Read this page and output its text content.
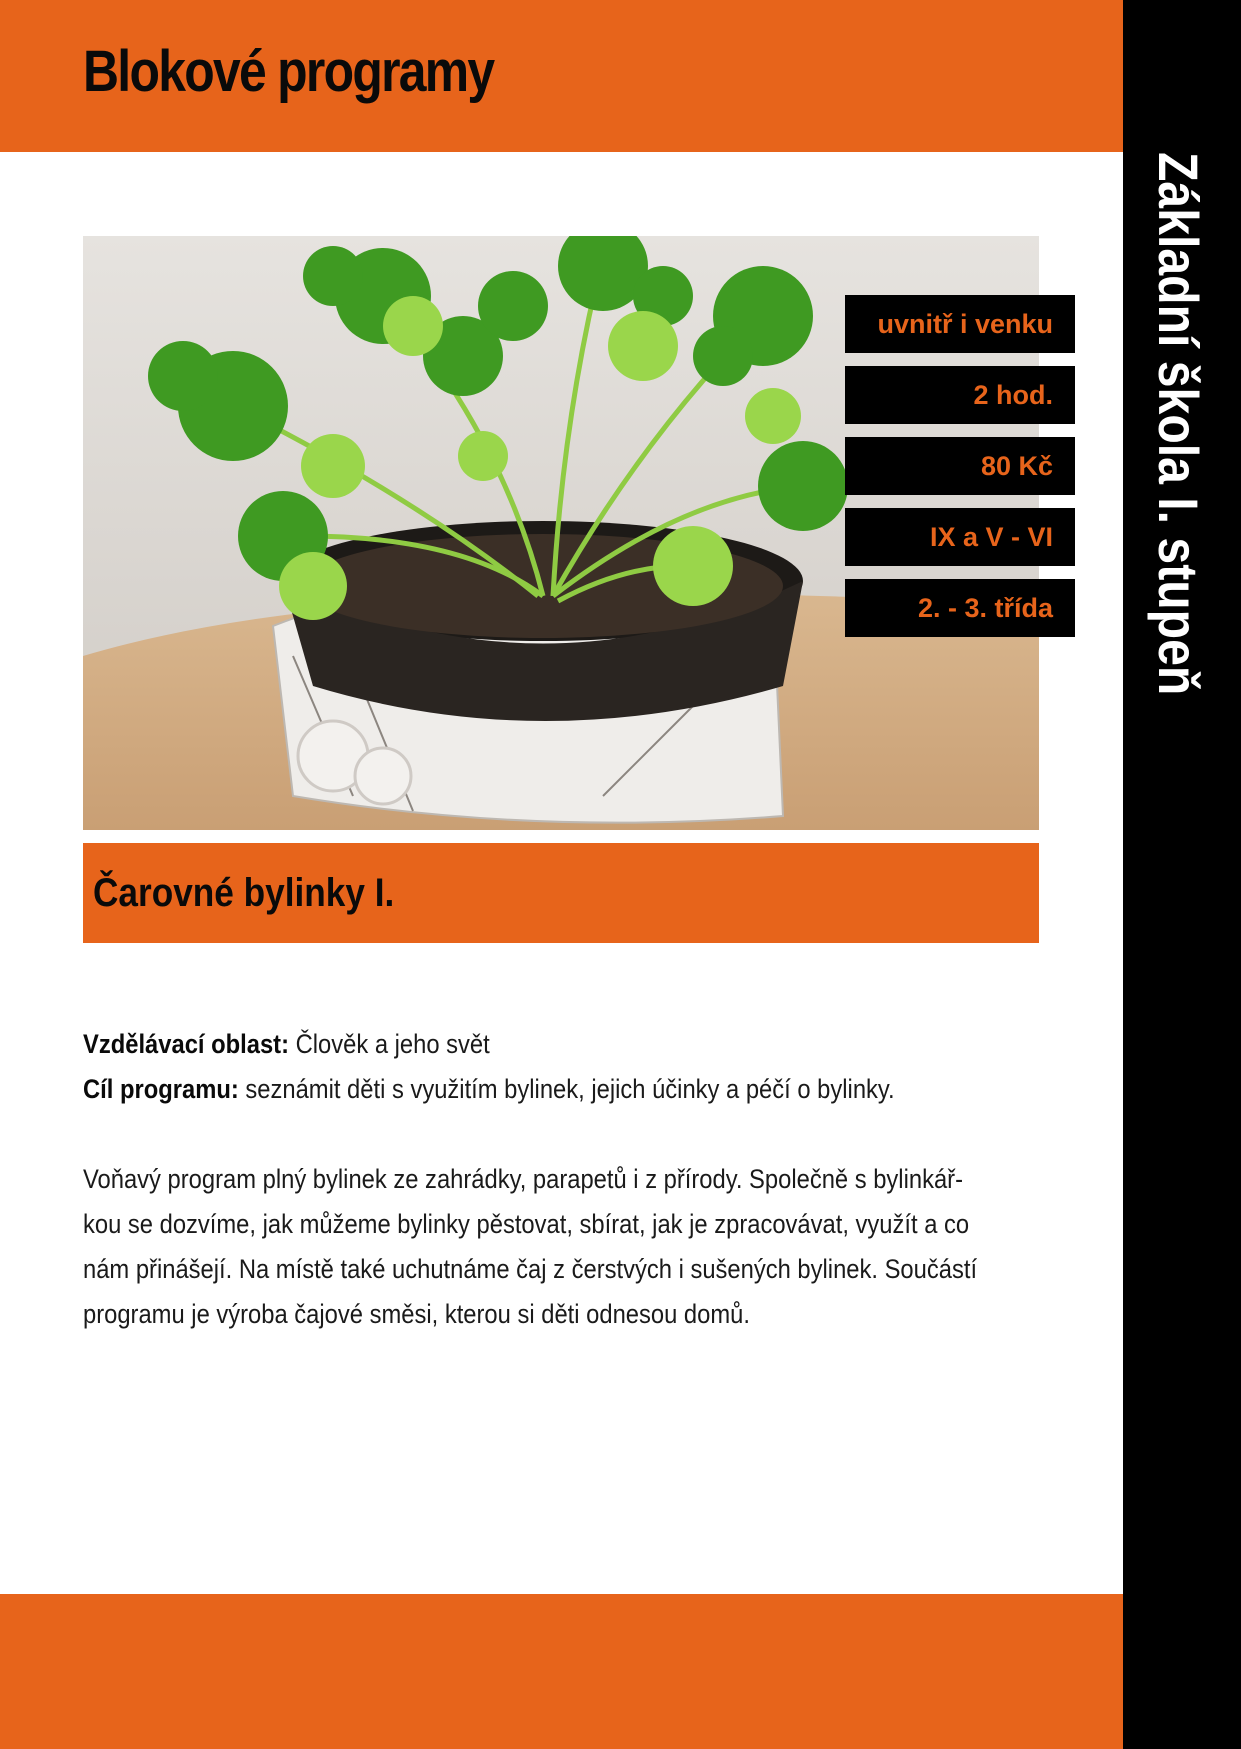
Blokové programy
Základní škola I. stupeň
uvnitř i venku
2 hod.
80 Kč
IX a V - VI
2. - 3. třída
Čarovné bylinky I.
Vzdělávací oblast: Člověk a jeho svět
Cíl programu: seznámit děti s využitím bylinek, jejich účinky a péčí o bylinky.
Voňavý program plný bylinek ze zahrádky, parapetů i z přírody. Společně s bylinkář-
kou se dozvíme, jak můžeme bylinky pěstovat, sbírat, jak je zpracovávat, využít a co
nám přinášejí. Na místě také uchutnáme čaj z čerstvých i sušených bylinek. Součástí
programu je výroba čajové směsi, kterou si děti odnesou domů.
